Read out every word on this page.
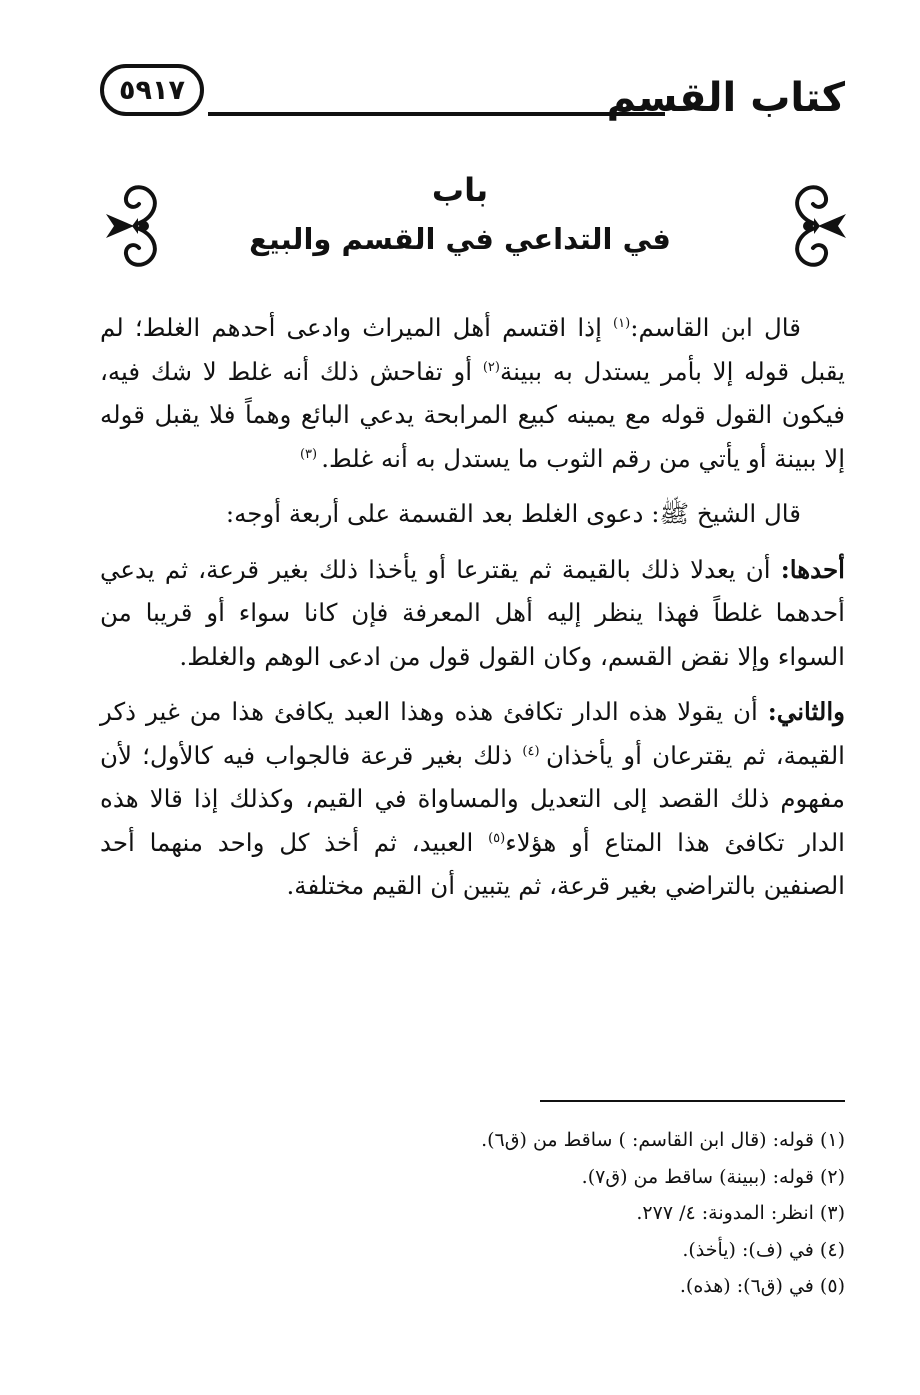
كتاب القسم
٥٩١٧
باب
في التداعي في القسم والبيع

قال ابن القاسم:$^{(١)}$ إذا اقتسم أهل الميراث وادعى أحدهم الغلط؛ لم يقبل قوله إلا بأمر يستدل به ببينة$^{(٢)}$ أو تفاحش ذلك أنه غلط لا شك فيه، فيكون القول قوله مع يمينه كبيع المرابحة يدعي البائع وهماً فلا يقبل قوله إلا ببينة أو يأتي من رقم الثوب ما يستدل به أنه غلط. $^{(٣)}$

قال الشيخ ﷺ: دعوى الغلط بعد القسمة على أربعة أوجه:

أحدها: أن يعدلا ذلك بالقيمة ثم يقترعا أو يأخذا ذلك بغير قرعة، ثم يدعي أحدهما غلطاً فهذا ينظر إليه أهل المعرفة فإن كانا سواء أو قريبا من السواء وإلا نقض القسم، وكان القول قول من ادعى الوهم والغلط.

والثاني: أن يقولا هذه الدار تكافئ هذه وهذا العبد يكافئ هذا من غير ذكر القيمة، ثم يقترعان أو يأخذان $^{(٤)}$ ذلك بغير قرعة فالجواب فيه كالأول؛ لأن مفهوم ذلك القصد إلى التعديل والمساواة في القيم، وكذلك إذا قالا هذه الدار تكافئ هذا المتاع أو هؤلاء$^{(٥)}$ العبيد، ثم أخذ كل واحد منهما أحد الصنفين بالتراضي بغير قرعة، ثم يتبين أن القيم مختلفة.

(١) قوله: (قال ابن القاسم: ) ساقط من (ق٦).
(٢) قوله: (ببينة) ساقط من (ق٧).
(٣) انظر: المدونة: ٤/ ٢٧٧.
(٤) في (ف): (يأخذ).
(٥) في (ق٦): (هذه).
